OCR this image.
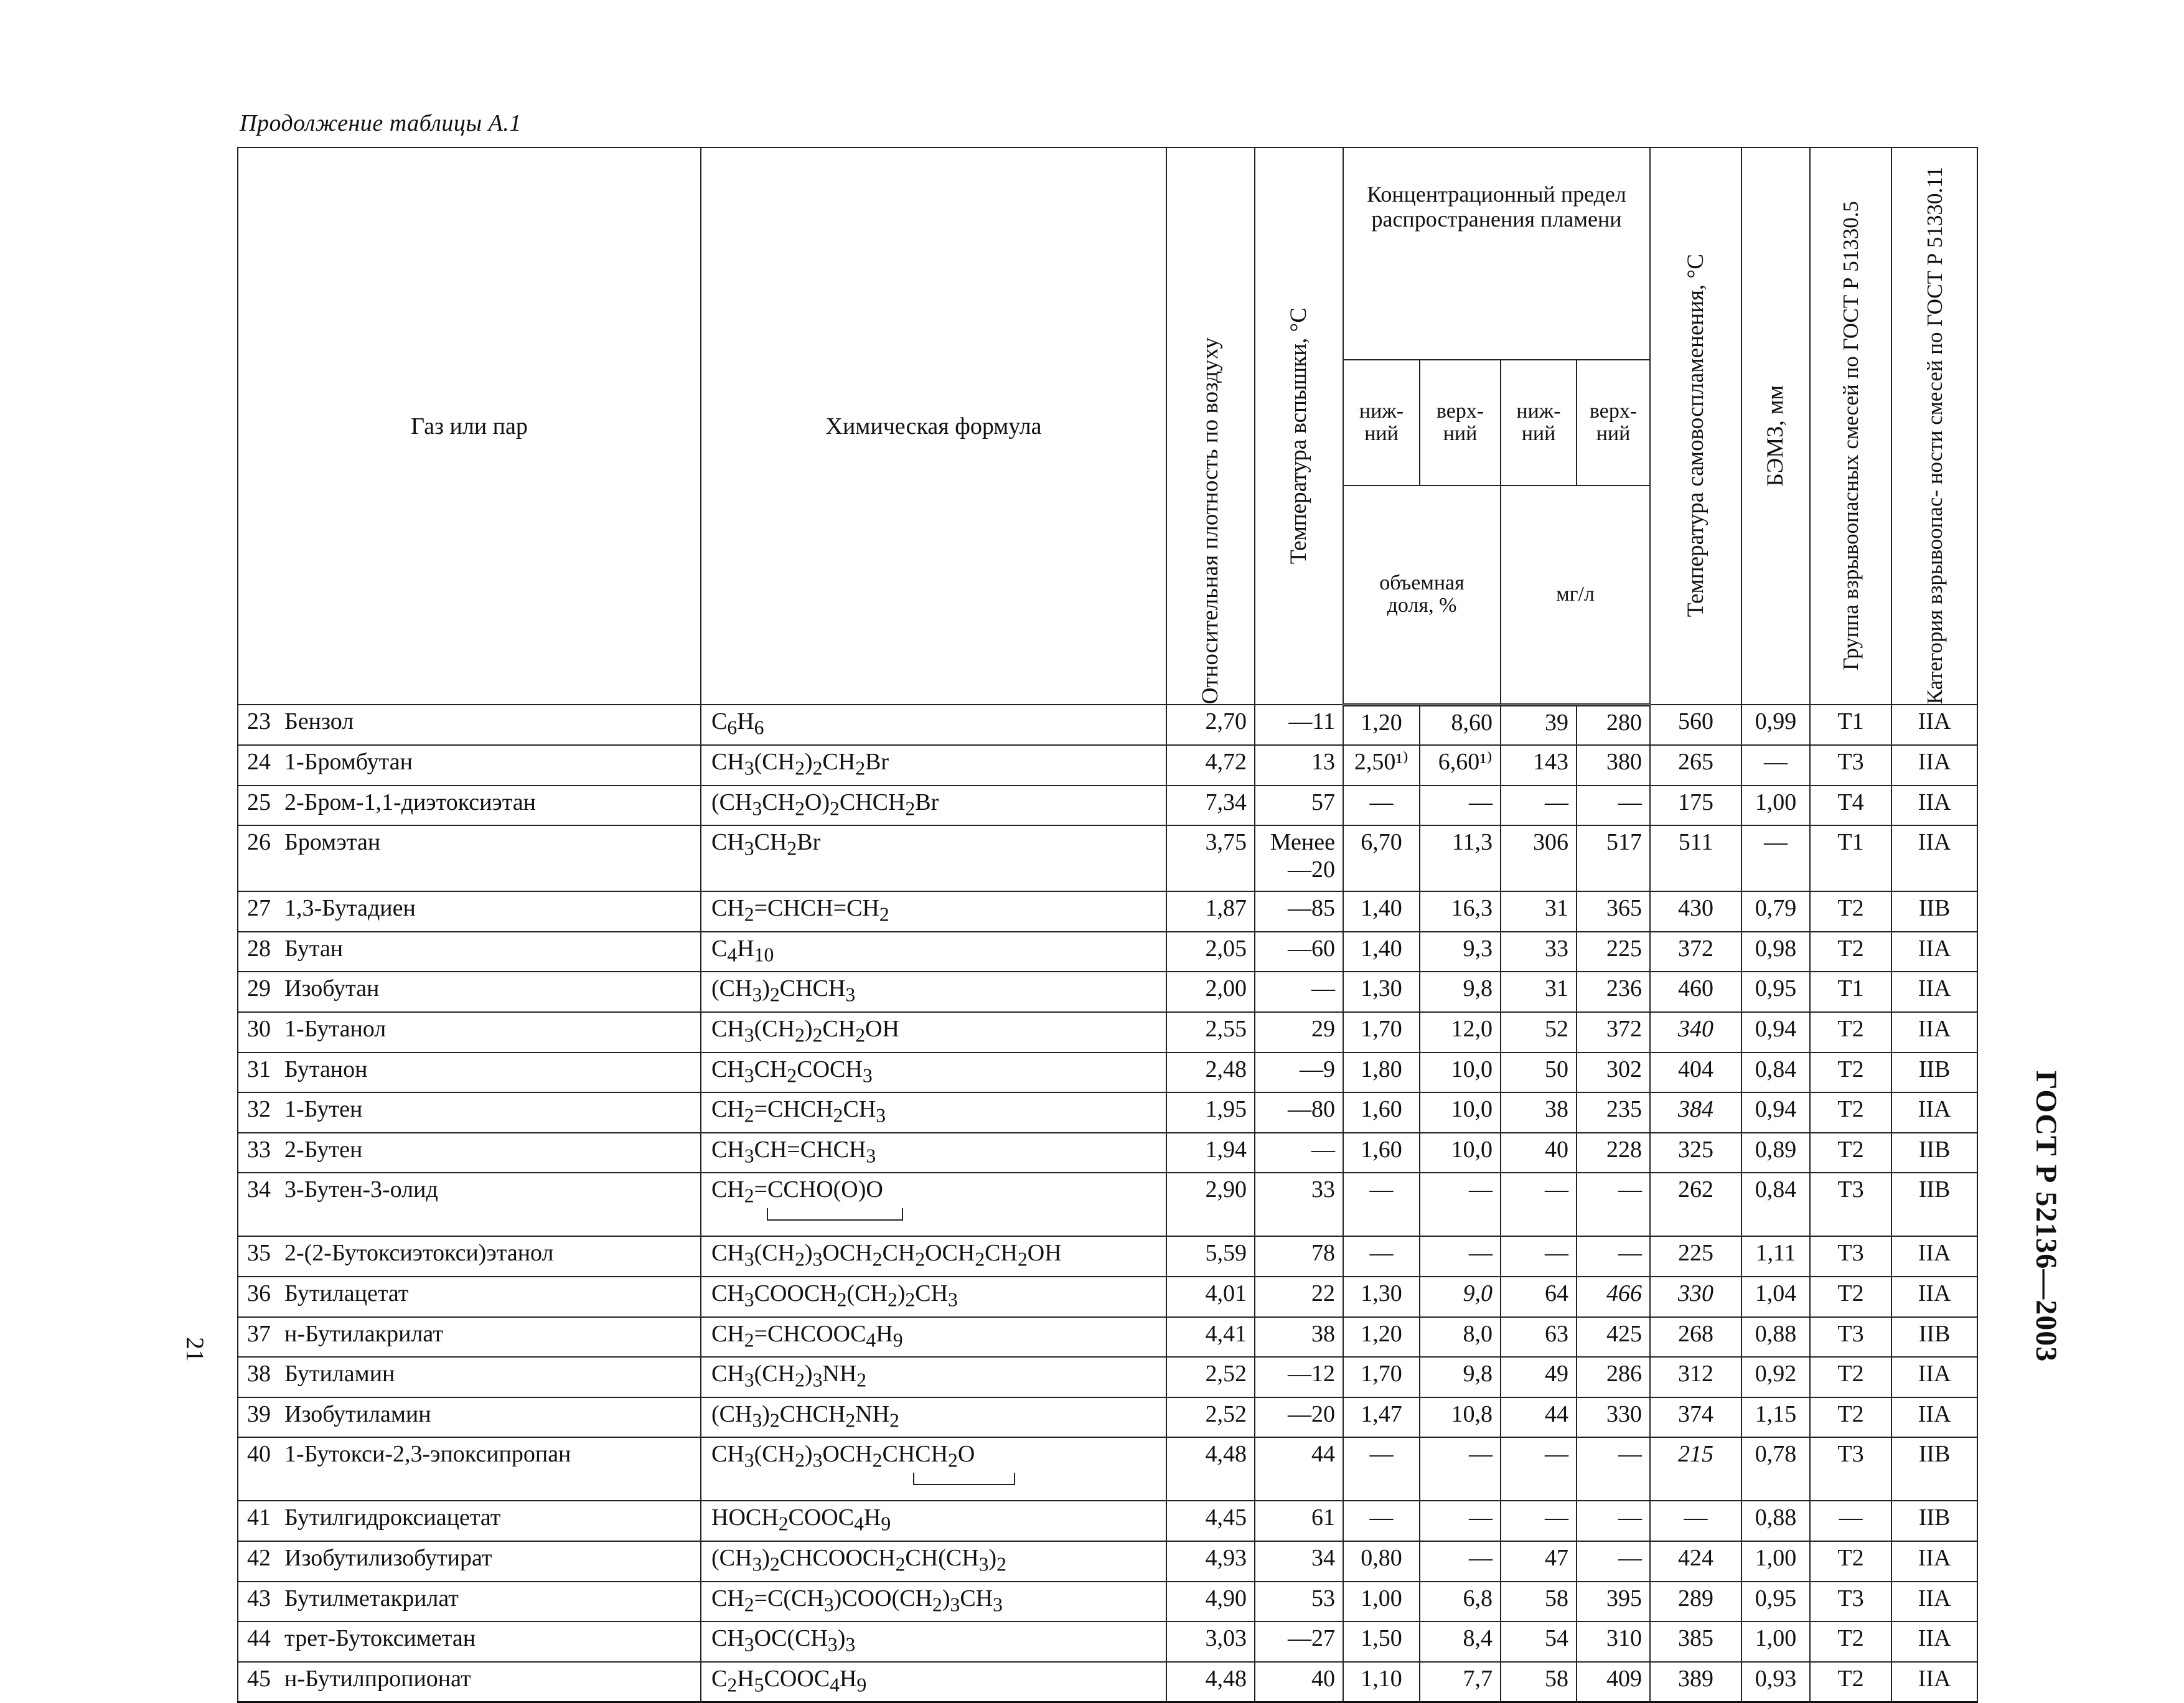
Продолжение таблицы А.1
Газ или пар	Химическая формула	Относительная плотность по воздуху	Температура вспышки, °С	Концентрационный предел распространения пламени				Температура самовоспламенения, °С	БЭМЗ, мм	Группа взрывоопасных смесей по ГОСТ Р 51330.5	Категория взрывоопас- ности смесей по ГОСТ Р 51330.11

				ниж- ний	верх- ний	ниж- ний	верх- ний				

				объемная доля, %		мг/л					
23 Бензол	$C_6H_6$	2,70	—11	1,20	8,60	39	280	560	0,99	T1	IIA
24 1-Бромбутан	$CH_3(CH_2)_2CH_2Br$	4,72	13	2,50¹⁾	6,60¹⁾	143	380	265	—	T3	IIA
25 2-Бром-1,1-диэтоксиэтан	$(CH_3CH_2O)_2CHCH_2Br$	7,34	57	—	—	—	—	175	1,00	T4	IIA
26 Бромэтан	$CH_3CH_2Br$	3,75	Менее —20	6,70	11,3	306	517	511	—	T1	IIA
27 1,3-Бутадиен	$CH_2=CHCH=CH_2$	1,87	—85	1,40	16,3	31	365	430	0,79	T2	IIB
28 Бутан	$C_4H_{10}$	2,05	—60	1,40	9,3	33	225	372	0,98	T2	IIA
29 Изобутан	$(CH_3)_2CHCH_3$	2,00	—	1,30	9,8	31	236	460	0,95	T1	IIA
30 1-Бутанол	$CH_3(CH_2)_2CH_2OH$	2,55	29	1,70	12,0	52	372	340	0,94	T2	IIA
31 Бутанон	$CH_3CH_2COCH_3$	2,48	—9	1,80	10,0	50	302	404	0,84	T2	IIB
32 1-Бутен	$CH_2=CHCH_2CH_3$	1,95	—80	1,60	10,0	38	235	384	0,94	T2	IIA
33 2-Бутен	$CH_3CH=CHCH_3$	1,94	—	1,60	10,0	40	228	325	0,89	T2	IIB
34 3-Бутен-3-олид	$CH_2=CCHO(O)O$	2,90	33	—	—	—	—	262	0,84	T3	IIB
35 2-(2-Бутоксиэтокси)этанол	$CH_3(CH_2)_3OCH_2CH_2OCH_2CH_2OH$	5,59	78	—	—	—	—	225	1,11	T3	IIA
36 Бутилацетат	$CH_3COOCH_2(CH_2)_2CH_3$	4,01	22	1,30	9,0	64	466	330	1,04	T2	IIA
37 н-Бутилакрилат	$CH_2=CHCOOC_4H_9$	4,41	38	1,20	8,0	63	425	268	0,88	T3	IIB
38 Бутиламин	$CH_3(CH_2)_3NH_2$	2,52	—12	1,70	9,8	49	286	312	0,92	T2	IIA
39 Изобутиламин	$(CH_3)_2CHCH_2NH_2$	2,52	—20	1,47	10,8	44	330	374	1,15	T2	IIA
40 1-Бутокси-2,3-эпоксипропан	$CH_3(CH_2)_3OCH_2CHCH_2O$	4,48	44	—	—	—	—	215	0,78	T3	IIB
41 Бутилгидроксиацетат	$HOCH_2COOC_4H_9$	4,45	61	—	—	—	—	—	0,88	—	IIB
42 Изобутилизобутират	$(CH_3)_2CHCOOCH_2CH(CH_3)_2$	4,93	34	0,80	—	47	—	424	1,00	T2	IIA
43 Бутилметакрилат	$CH_2=C(CH_3)COO(CH_2)_3CH_3$	4,90	53	1,00	6,8	58	395	289	0,95	T3	IIA
44 трет-Бутоксиметан	$CH_3OC(CH_3)_3$	3,03	—27	1,50	8,4	54	310	385	1,00	T2	IIA
45 н-Бутилпропионат	$C_2H_5COOC_4H_9$	4,48	40	1,10	7,7	58	409	389	0,93	T2	IIA
ГОСТ Р 52136—2003
21
